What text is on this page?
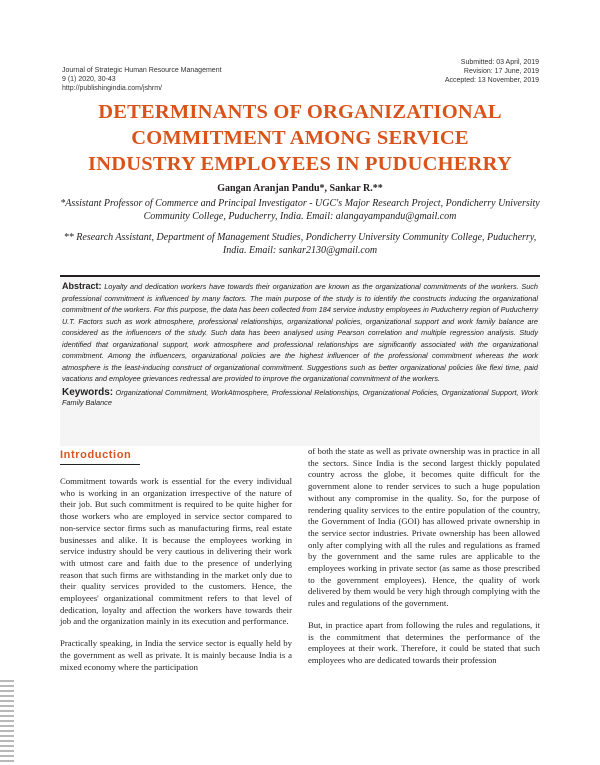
Journal of Strategic Human Resource Management
9 (1) 2020, 30-43
http://publishingindia.com/jshrm/
Submitted: 03 April, 2019
Revision: 17 June, 2019
Accepted: 13 November, 2019
DETERMINANTS OF ORGANIZATIONAL
COMMITMENT AMONG SERVICE
INDUSTRY EMPLOYEES IN PUDUCHERRY
Gangan Aranjan Pandu*, Sankar R.**
*Assistant Professor of Commerce and Principal Investigator - UGC's Major Research Project, Pondicherry University Community College, Puducherry, India. Email: alangayampandu@gmail.com
** Research Assistant, Department of Management Studies, Pondicherry University Community College, Puducherry, India. Email: sankar2130@gmail.com

Abstract: Loyalty and dedication workers have towards their organization are known as the organizational commitments of the workers. Such professional commitment is influenced by many factors. The main purpose of the study is to identify the constructs inducing the organizational commitment of the workers. For this purpose, the data has been collected from 184 service industry employees in Puducherry region of Puducherry U.T. Factors such as work atmosphere, professional relationships, organizational policies, organizational support and work family balance are considered as the influencers of the study. Such data has been analysed using Pearson correlation and multiple regression analysis. Study identified that organizational support, work atmosphere and professional relationships are significantly associated with the organizational commitment. Among the influencers, organizational policies are the highest influencer of the professional commitment whereas the work atmosphere is the least-inducing construct of organizational commitment. Suggestions such as better organizational policies like flexi time, paid vacations and employee grievances redressal are provided to improve the organizational commitment of the workers.

Keywords: Organizational Commitment, WorkAtmosphere, Professional Relationships, Organizational Policies, Organizational Support, Work Family Balance

Introduction

Commitment towards work is essential for the every individual who is working in an organization irrespective of the nature of their job. But such commitment is required to be quite higher for those workers who are employed in service sector compared to non-service sector firms such as manufacturing firms, real estate businesses and alike. It is because the employees working in service industry should be very cautious in delivering their work with utmost care and faith due to the presence of underlying reason that such firms are withstanding in the market only due to their quality services provided to the customers. Hence, the employees' organizational commitment refers to that level of dedication, loyalty and affection the workers have towards their job and the organization mainly in its execution and performance.

Practically speaking, in India the service sector is equally held by the government as well as private. It is mainly because India is a mixed economy where the participation

of both the state as well as private ownership was in practice in all the sectors. Since India is the second largest thickly populated country across the globe, it becomes quite difficult for the government alone to render services to such a huge population without any compromise in the quality. So, for the purpose of rendering quality services to the entire population of the country, the Government of India (GOI) has allowed private ownership in the service sector industries. Private ownership has been allowed only after complying with all the rules and regulations as framed by the government and the same rules are applicable to the employees working in private sector (as same as those prescribed to the government employees). Hence, the quality of work delivered by them would be very high through complying with the rules and regulations of the government.

But, in practice apart from following the rules and regulations, it is the commitment that determines the performance of the employees at their work. Therefore, it could be stated that such employees who are dedicated towards their profession
